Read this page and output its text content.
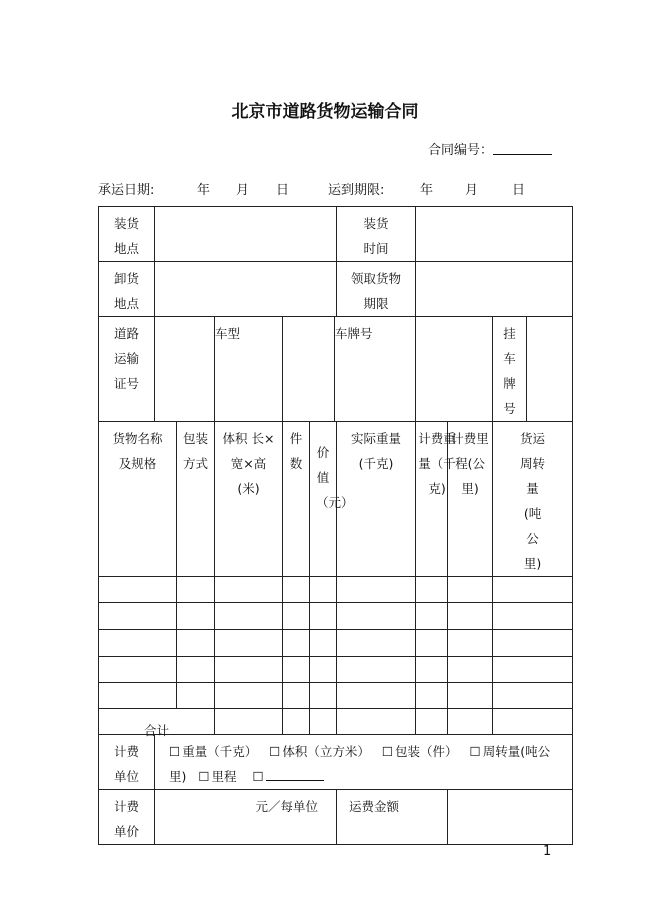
北京市道路货物运输合同
合同编号：
承运日期:	年 月 日	运到期限:	年 月	日
装货地点							装货时间				
卸货地点							领取货物期限				
道路运输证号			车型			车牌号				挂车牌号	
货物名称及规格		包装方式	体积 长×宽×高(米)	件数	价值（元）		实际重量(千克)	计费重量（千克)	计费里程(公里)	货运周转量(吨公里)

合计											
计费单位	☐ 重量（千克） ☐ 体积（立方米） ☐ 包装（件） ☐ 周转量(吨公里) ☐ 里程 ☐										
计费单价	元／每单位						运费金额				
1
